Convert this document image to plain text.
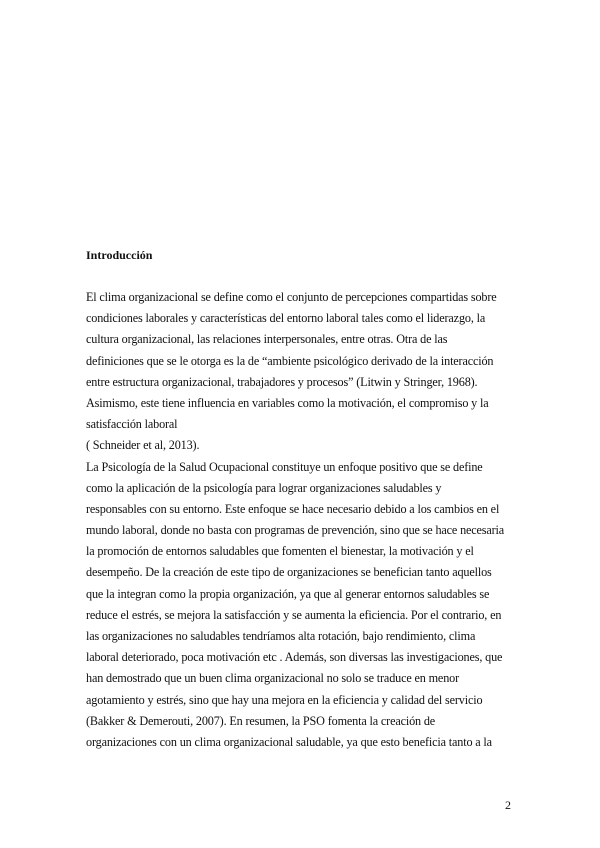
Introducción
El clima organizacional se define como el conjunto de percepciones compartidas sobre
condiciones laborales y características del entorno laboral tales como el liderazgo, la
cultura organizacional, las relaciones interpersonales, entre otras. Otra de las
definiciones que se le otorga es la de “ambiente psicológico derivado de la interacción
entre estructura organizacional, trabajadores y procesos” (Litwin y Stringer, 1968).
Asimismo, este tiene influencia en variables como la motivación, el compromiso y la
satisfacción laboral
( Schneider et al, 2013).
La Psicología de la Salud Ocupacional constituye un enfoque positivo que se define
como la aplicación de la psicología para lograr organizaciones saludables y
responsables con su entorno. Este enfoque se hace necesario debido a los cambios en el
mundo laboral, donde no basta con programas de prevención, sino que se hace necesaria
la promoción de entornos saludables que fomenten el bienestar, la motivación y el
desempeño. De la creación de este tipo de organizaciones se benefician tanto aquellos
que la integran como la propia organización, ya que al generar entornos saludables se
reduce el estrés, se mejora la satisfacción y se aumenta la eficiencia. Por el contrario, en
las organizaciones no saludables tendríamos alta rotación, bajo rendimiento, clima
laboral deteriorado, poca motivación etc . Además, son diversas las investigaciones, que
han demostrado que un buen clima organizacional no solo se traduce en menor
agotamiento y estrés, sino que hay una mejora en la eficiencia y calidad del servicio
(Bakker & Demerouti, 2007). En resumen, la PSO fomenta la creación de
organizaciones con un clima organizacional saludable, ya que esto beneficia tanto a la
2
